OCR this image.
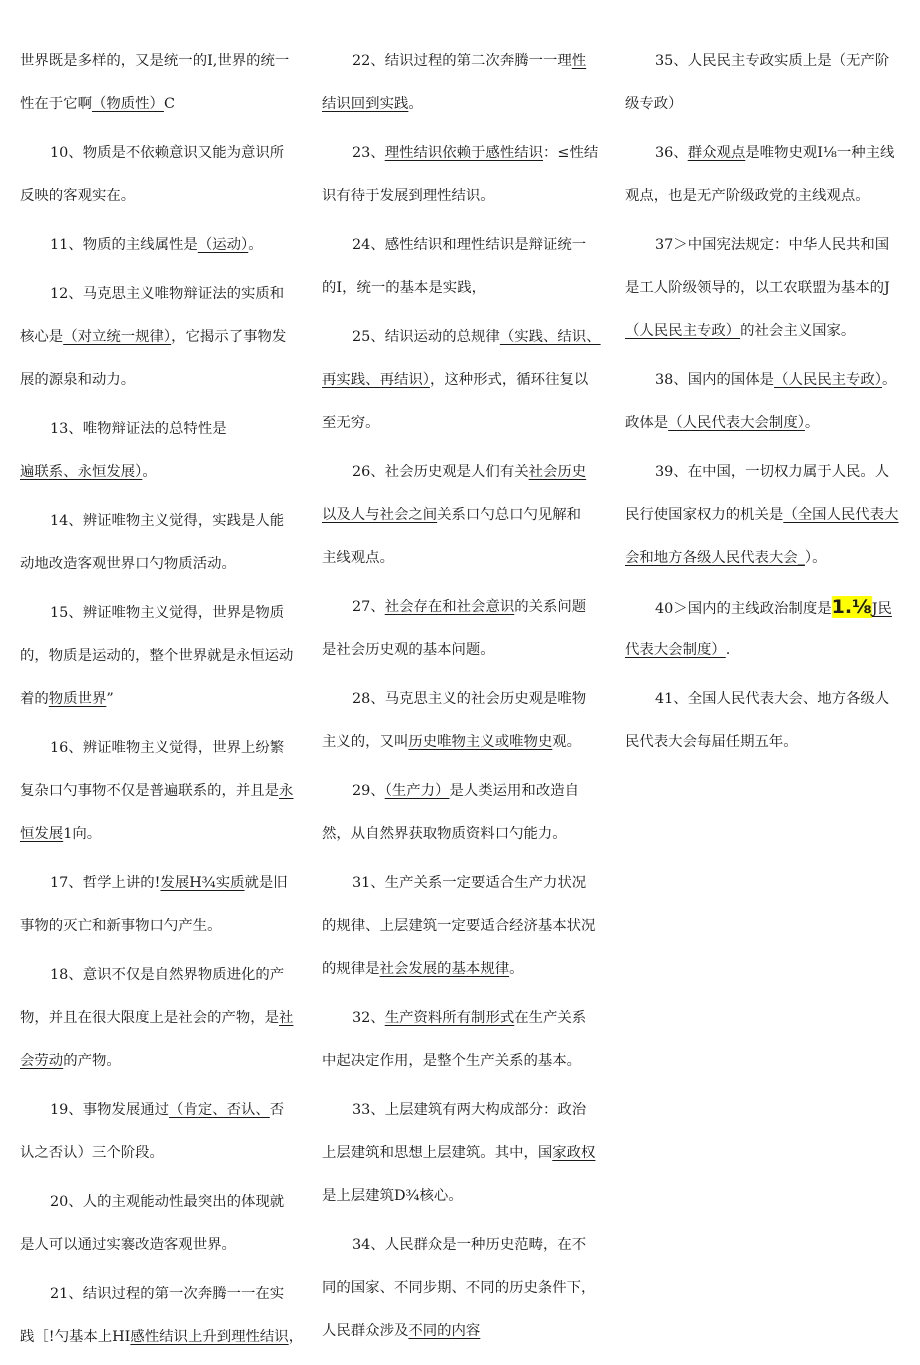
世界既是多样的，又是统一的I,世界的统一
性在于它啊（物质性）C
10、物质是不依赖意识又能为意识所
反映的客观实在。
11、物质的主线属性是（运动）。
12、马克思主义唯物辩证法的实质和
核心是（对立统一规律），它揭示了事物发
展的源泉和动力。
13、唯物辩证法的总特性是
遍联系、永恒发展）。
14、辨证唯物主义觉得，实践是人能
动地改造客观世界口勺物质活动。
15、辨证唯物主义觉得，世界是物质
的，物质是运动的，整个世界就是永恒运动
着的物质世界”
16、辨证唯物主义觉得，世界上纷繁
复杂口勺事物不仅是普遍联系的，并且是永
恒发展1向。
17、哲学上讲的!发展H¾实质就是旧
事物的灭亡和新事物口勺产生。
18、意识不仅是自然界物质进化的产
物，并且在很大限度上是社会的产物，是社
会劳动的产物。
19、事物发展通过（肯定、否认、否
认之否认）三个阶段。
20、人的主观能动性最突出的体现就
是人可以通过实褰改造客观世界。
21、结识过程的第一次奔腾一一在实
践［!勺基本上HI感性结识上升到理性结识，
22、结识过程的第二次奔腾一一理性
结识回到实践。
23、理性结识依赖于感性结识：≤性结
识有待于发展到理性结识。
24、感性结识和理性结识是辩证统一
的I，统一的基本是实践，
25、结识运动的总规律（实践、结识、
再实践、再结识），这种形式，循环往复以
至无穷。
26、社会历史观是人们有关社会历史
以及人与社会之间关系口勺总口勺见解和
主线观点。
27、社会存在和社会意识的关系问题
是社会历史观的基本问题。
28、马克思主义的社会历史观是唯物
主义的，又叫历史唯物主义或唯物史观。
29、（生产力）是人类运用和改造自
然，从自然界获取物质资料口勺能力。
31、生产关系一定要适合生产力状况
的规律、上层建筑一定要适合经济基本状况
的规律是社会发展的基本规律。
32、生产资料所有制形式在生产关系
中起决定作用，是整个生产关系的基本。
33、上层建筑有两大构成部分：政治
上层建筑和思想上层建筑。其中，国家政权
是上层建筑D¾核心。
34、人民群众是一种历史范畴，在不
同的国家、不同步期、不同的历史条件下，
人民群众涉及不同的内容
35、人民民主专政实质上是（无产阶
级专政）
36、群众观点是唯物史观I⅛一种主线
观点，也是无产阶级政党的主线观点。
37＞中国宪法规定：中华人民共和国
是工人阶级领导的，以工农联盟为基本的J
（人民民主专政）的社会主义国家。
38、国内的国体是（人民民主专政）。
政体是（人民代表大会制度）。
39、在中国，一切权力属于人民。人
民行使国家权力的机关是（全国人民代表大
会和地方各级人民代表大会_）。
40＞国内的主线政治制度是1.⅛J民
代表大会制度）.
41、全国人民代表大会、地方各级人
民代表大会每届任期五年。
